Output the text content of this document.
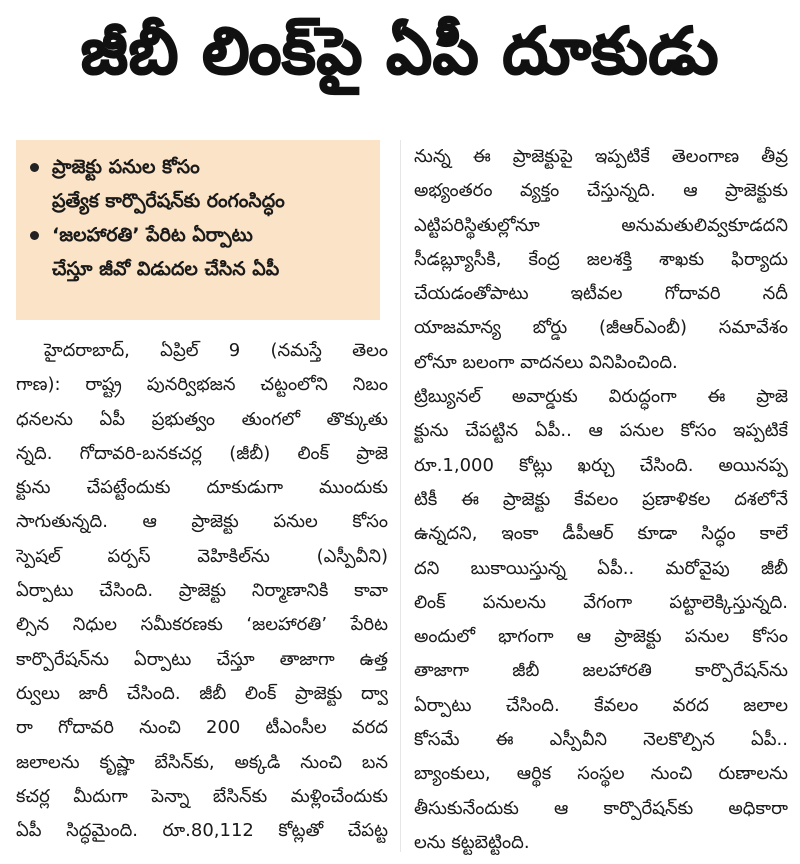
జీబీ లింక్‌పై ఏపీ దూకుడు
ప్రాజెక్టు పనుల కోసం
ప్రత్యేక కార్పొరేషన్‌కు రంగంసిద్ధం
‘జలహారతి’ పేరిట ఏర్పాటు
చేస్తూ జీవో విడుదల చేసిన ఏపీ
హైదరాబాద్, ఏప్రిల్ 9 (నమస్తే తెలం
గాణ): రాష్ట్ర పునర్విభజన చట్టంలోని నిబం
ధనలను ఏపీ ప్రభుత్వం తుంగలో తొక్కుతు
న్నది. గోదావరి-బనకచర్ల (జీబీ) లింక్ ప్రాజె
క్టును చేపట్టేందుకు దూకుడుగా ముందుకు
సాగుతున్నది. ఆ ప్రాజెక్టు పనుల కోసం
స్పెషల్ పర్పస్ వెహికిల్‌ను (ఎస్పీవీని)
ఏర్పాటు చేసింది. ప్రాజెక్టు నిర్మాణానికి కావా
ల్సిన నిధుల సమీకరణకు ‘జలహారతి’ పేరిట
కార్పొరేషన్‌ను ఏర్పాటు చేస్తూ తాజాగా ఉత్త
ర్వులు జారీ చేసింది. జీబీ లింక్ ప్రాజెక్టు ద్వా
రా గోదావరి నుంచి 200 టీఎంసీల వరద
జలాలను కృష్ణా బేసిన్‌కు, అక్కడి నుంచి బన
కచర్ల మీదుగా పెన్నా బేసిన్‌కు మళ్లించేందుకు
ఏపీ సిద్ధమైంది. రూ.80,112 కోట్లతో చేపట్ట
నున్న ఈ ప్రాజెక్టుపై ఇప్పటికే తెలంగాణ తీవ్ర
అభ్యంతరం వ్యక్తం చేస్తున్నది. ఆ ప్రాజెక్టుకు
ఎట్టిపరిస్థితుల్లోనూ అనుమతులివ్వకూడదని
సీడబ్ల్యూసీకి, కేంద్ర జలశక్తి శాఖకు ఫిర్యాదు
చేయడంతోపాటు ఇటీవల గోదావరి నదీ
యాజమాన్య బోర్డు (జీఆర్ఎంబీ) సమావేశం
లోనూ బలంగా వాదనలు వినిపించింది.
ట్రిబ్యునల్ అవార్డుకు విరుద్ధంగా ఈ ప్రాజె
క్టును చేపట్టిన ఏపీ.. ఆ పనుల కోసం ఇప్పటికే
రూ.1,000 కోట్లు ఖర్చు చేసింది. అయినప్ప
టికీ ఈ ప్రాజెక్టు కేవలం ప్రణాళికల దశలోనే
ఉన్నదని, ఇంకా డీపీఆర్ కూడా సిద్ధం కాలే
దని బుకాయిస్తున్న ఏపీ.. మరోవైపు జీబీ
లింక్ పనులను వేగంగా పట్టాలెక్కిస్తున్నది.
అందులో భాగంగా ఆ ప్రాజెక్టు పనుల కోసం
తాజాగా జీబీ జలహారతి కార్పొరేషన్‌ను
ఏర్పాటు చేసింది. కేవలం వరద జలాల
కోసమే ఈ ఎస్పీవీని నెలకొల్పిన ఏపీ..
బ్యాంకులు, ఆర్థిక సంస్థల నుంచి రుణాలను
తీసుకునేందుకు ఆ కార్పొరేషన్‌కు అధికారా
లను కట్టబెట్టింది.
